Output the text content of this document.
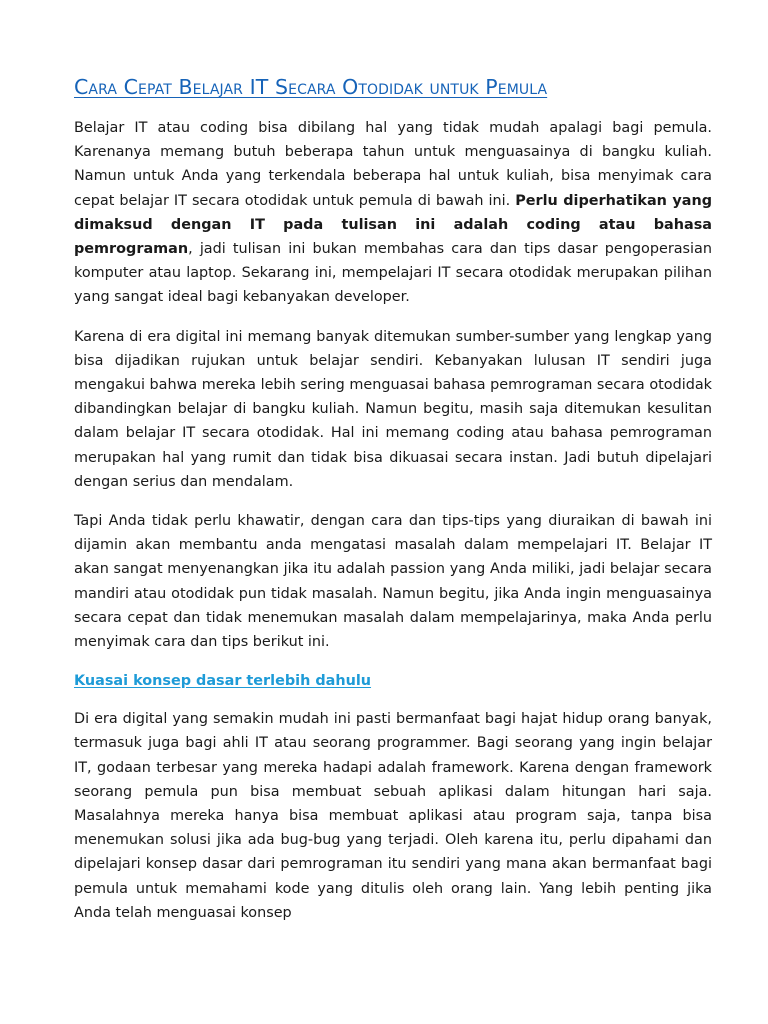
Cara Cepat Belajar IT Secara Otodidak untuk Pemula

Belajar IT atau coding bisa dibilang hal yang tidak mudah apalagi bagi pemula. Karenanya memang butuh beberapa tahun untuk menguasainya di bangku kuliah. Namun untuk Anda yang terkendala beberapa hal untuk kuliah, bisa menyimak cara cepat belajar IT secara otodidak untuk pemula di bawah ini. Perlu diperhatikan yang dimaksud dengan IT pada tulisan ini adalah coding atau bahasa pemrograman, jadi tulisan ini bukan membahas cara dan tips dasar pengoperasian komputer atau laptop. Sekarang ini, mempelajari IT secara otodidak merupakan pilihan yang sangat ideal bagi kebanyakan developer.

Karena di era digital ini memang banyak ditemukan sumber-sumber yang lengkap yang bisa dijadikan rujukan untuk belajar sendiri. Kebanyakan lulusan IT sendiri juga mengakui bahwa mereka lebih sering menguasai bahasa pemrograman secara otodidak dibandingkan belajar di bangku kuliah. Namun begitu, masih saja ditemukan kesulitan dalam belajar IT secara otodidak. Hal ini memang coding atau bahasa pemrograman merupakan hal yang rumit dan tidak bisa dikuasai secara instan. Jadi butuh dipelajari dengan serius dan mendalam.

Tapi Anda tidak perlu khawatir, dengan cara dan tips-tips yang diuraikan di bawah ini dijamin akan membantu anda mengatasi masalah dalam mempelajari IT. Belajar IT akan sangat menyenangkan jika itu adalah passion yang Anda miliki, jadi belajar secara mandiri atau otodidak pun tidak masalah. Namun begitu, jika Anda ingin menguasainya secara cepat dan tidak menemukan masalah dalam mempelajarinya, maka Anda perlu menyimak cara dan tips berikut ini.

Kuasai konsep dasar terlebih dahulu

Di era digital yang semakin mudah ini pasti bermanfaat bagi hajat hidup orang banyak, termasuk juga bagi ahli IT atau seorang programmer. Bagi seorang yang ingin belajar IT, godaan terbesar yang mereka hadapi adalah framework. Karena dengan framework seorang pemula pun bisa membuat sebuah aplikasi dalam hitungan hari saja. Masalahnya mereka hanya bisa membuat aplikasi atau program saja, tanpa bisa menemukan solusi jika ada bug-bug yang terjadi. Oleh karena itu, perlu dipahami dan dipelajari konsep dasar dari pemrograman itu sendiri yang mana akan bermanfaat bagi pemula untuk memahami kode yang ditulis oleh orang lain. Yang lebih penting jika Anda telah menguasai konsep
